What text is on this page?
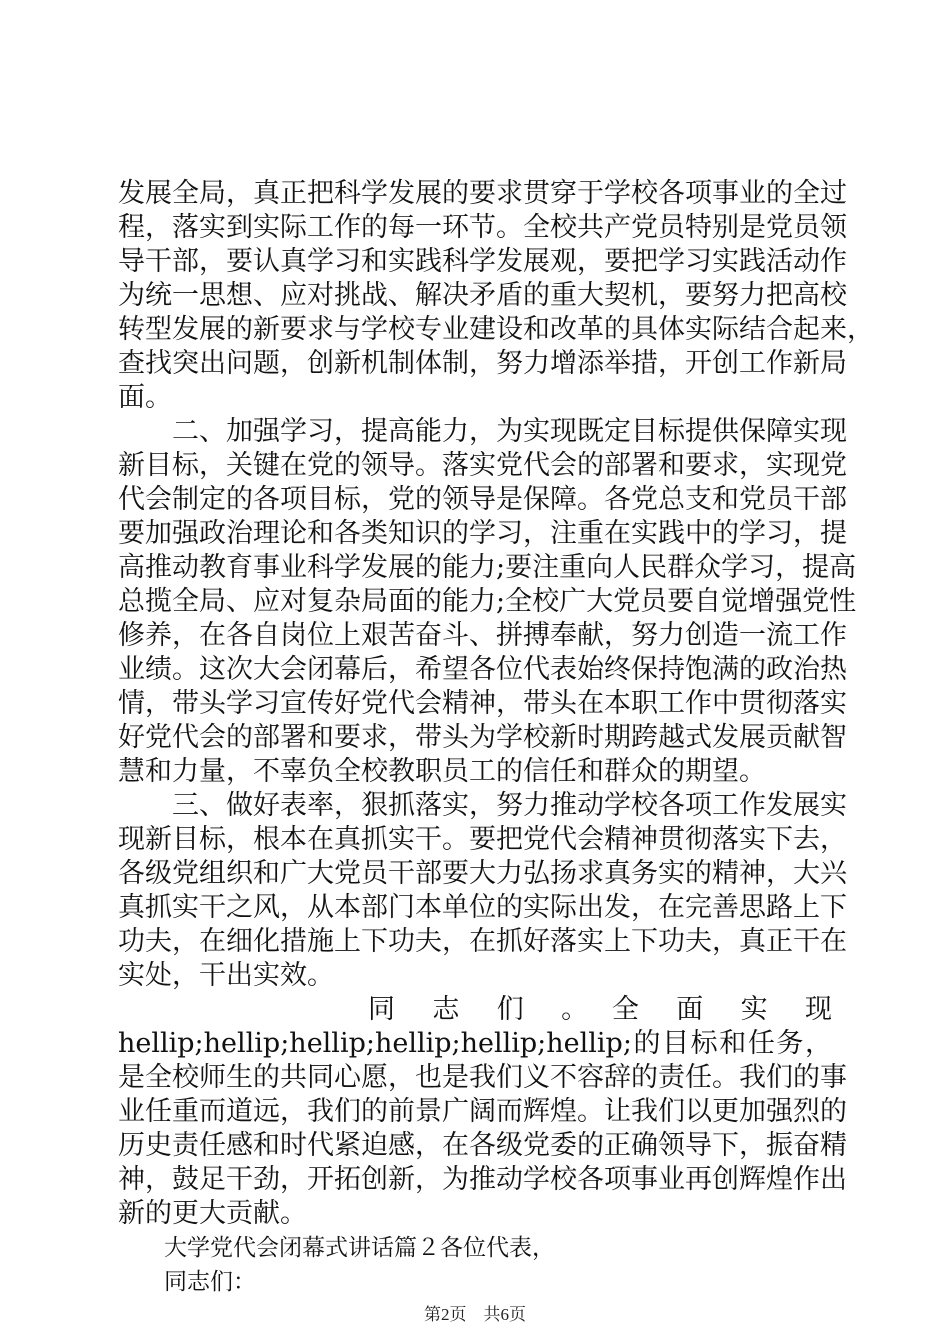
发展全局，真正把科学发展的要求贯穿于学校各项事业的全过
程，落实到实际工作的每一环节。全校共产党员特别是党员领
导干部，要认真学习和实践科学发展观，要把学习实践活动作
为统一思想、应对挑战、解决矛盾的重大契机，要努力把高校
转型发展的新要求与学校专业建设和改革的具体实际结合起来，
查找突出问题，创新机制体制，努力增添举措，开创工作新局
面。
　　二、加强学习，提高能力，为实现既定目标提供保障实现
新目标，关键在党的领导。落实党代会的部署和要求，实现党
代会制定的各项目标，党的领导是保障。各党总支和党员干部
要加强政治理论和各类知识的学习，注重在实践中的学习，提
高推动教育事业科学发展的能力;要注重向人民群众学习，提高
总揽全局、应对复杂局面的能力;全校广大党员要自觉增强党性
修养，在各自岗位上艰苦奋斗、拼搏奉献，努力创造一流工作
业绩。这次大会闭幕后，希望各位代表始终保持饱满的政治热
情，带头学习宣传好党代会精神，带头在本职工作中贯彻落实
好党代会的部署和要求，带头为学校新时期跨越式发展贡献智
慧和力量，不辜负全校教职员工的信任和群众的期望。
　　三、做好表率，狠抓落实，努力推动学校各项工作发展实
现新目标，根本在真抓实干。要把党代会精神贯彻落实下去，
各级党组织和广大党员干部要大力弘扬求真务实的精神，大兴
真抓实干之风，从本部门本单位的实际出发，在完善思路上下
功夫，在细化措施上下功夫，在抓好落实上下功夫，真正干在
实处，干出实效。
同　志　们　。　全　面　实　现
hellip;hellip;hellip;hellip;hellip;hellip;的目标和任务，
是全校师生的共同心愿，也是我们义不容辞的责任。我们的事
业任重而道远，我们的前景广阔而辉煌。让我们以更加强烈的
历史责任感和时代紧迫感，在各级党委的正确领导下，振奋精
神，鼓足干劲，开拓创新，为推动学校各项事业再创辉煌作出
新的更大贡献。
　　大学党代会闭幕式讲话篇２各位代表，
　　同志们：
第2页　共6页
